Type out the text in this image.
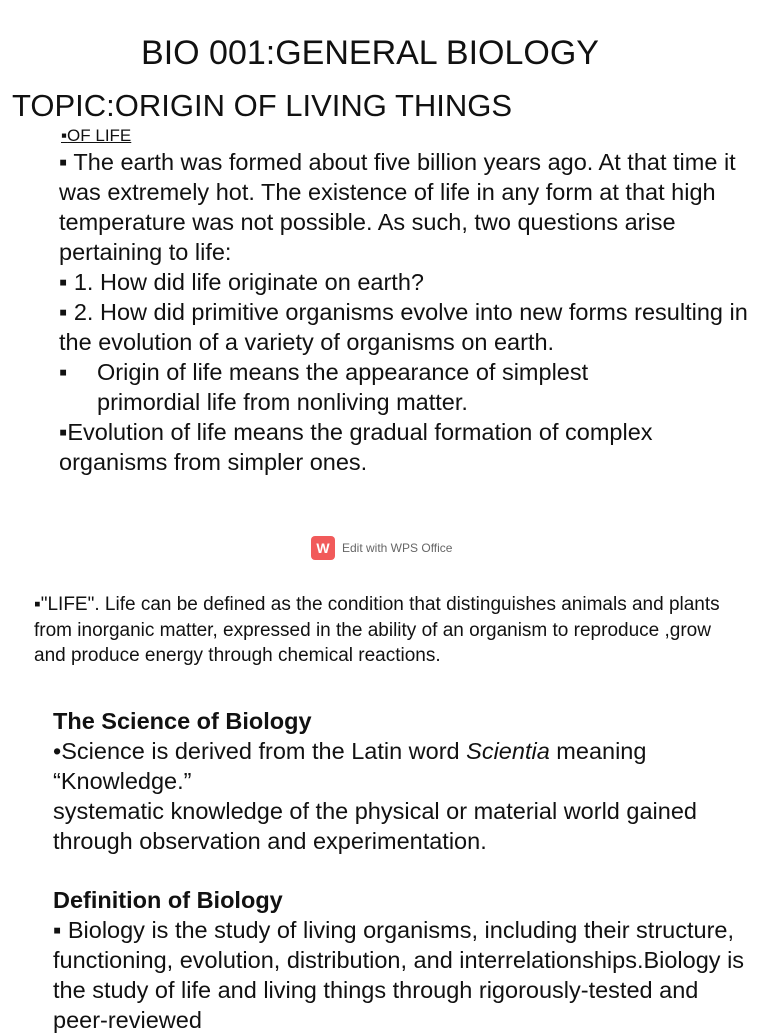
BIO 001:GENERAL BIOLOGY
TOPIC:ORIGIN OF LIVING THINGS
▪OF LIFE
▪ The earth was formed about five billion years ago. At that time it was extremely hot. The existence of life in any form at that high temperature was not possible. As such, two questions arise pertaining to life:
▪ 1. How did life originate on earth?
▪ 2. How did primitive organisms evolve into new forms resulting in the evolution of a variety of organisms on earth.
▪ Origin of life means the appearance of simplest
primordial life from nonliving matter.
▪Evolution of life means the gradual formation of complex organisms from simpler ones.
W	Edit with WPS Office
▪"LIFE". Life can be defined as the condition that distinguishes animals and plants from inorganic matter, expressed in the ability of an organism to reproduce ,grow and produce energy through chemical reactions.
The Science of Biology
•Science is derived from the Latin word Scientia meaning “Knowledge.”
systematic knowledge of the physical or material world gained through observation and experimentation.
Definition of Biology
▪ Biology is the study of living organisms, including their structure, functioning, evolution, distribution, and interrelationships.Biology is the study of life and living things through rigorously-tested and peer-reviewed
